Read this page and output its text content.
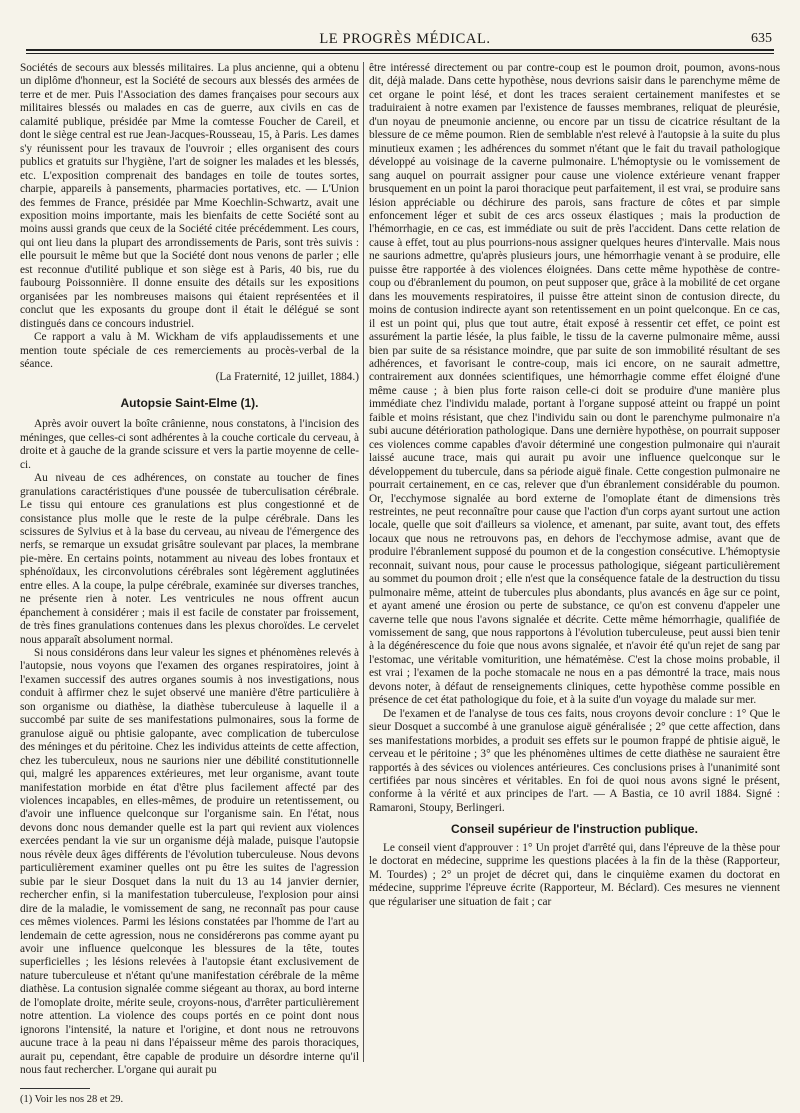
LE PROGRÈS MÉDICAL.	635

Sociétés de secours aux blessés militaires. La plus ancienne, qui a obtenu un diplôme d'honneur, est la Société de secours aux blessés des armées de terre et de mer. Puis l'Association des dames françaises pour secours aux militaires blessés ou malades en cas de guerre, aux civils en cas de calamité publique, présidée par Mme la comtesse Foucher de Careil, et dont le siège central est rue Jean-Jacques-Rousseau, 15, à Paris. Les dames s'y réunissent pour les travaux de l'ouvroir ; elles organisent des cours publics et gratuits sur l'hygiène, l'art de soigner les malades et les blessés, etc. L'exposition comprenait des bandages en toile de toutes sortes, charpie, appareils à pansements, pharmacies portatives, etc. — L'Union des femmes de France, présidée par Mme Koechlin-Schwartz, avait une exposition moins importante, mais les bienfaits de cette Société sont au moins aussi grands que ceux de la Société citée précédemment. Les cours, qui ont lieu dans la plupart des arrondissements de Paris, sont très suivis : elle poursuit le même but que la Société dont nous venons de parler ; elle est reconnue d'utilité publique et son siège est à Paris, 40 bis, rue du faubourg Poissonnière. Il donne ensuite des détails sur les expositions organisées par les nombreuses maisons qui étaient représentées et il conclut que les exposants du groupe dont il était le délégué se sont distingués dans ce concours industriel.

Ce rapport a valu à M. Wickham de vifs applaudissements et une mention toute spéciale de ces remerciements au procès-verbal de la séance.

(La Fraternité, 12 juillet, 1884.)

Autopsie Saint-Elme (1).

Après avoir ouvert la boîte crânienne, nous constatons, à l'incision des méninges, que celles-ci sont adhérentes à la couche corticale du cerveau, à droite et à gauche de la grande scissure et vers la partie moyenne de celle-ci.

Au niveau de ces adhérences, on constate au toucher de fines granulations caractéristiques d'une poussée de tuberculisation cérébrale. Le tissu qui entoure ces granulations est plus congestionné et de consistance plus molle que le reste de la pulpe cérébrale. Dans les scissures de Sylvius et à la base du cerveau, au niveau de l'émergence des nerfs, se remarque un exsudat grisâtre soulevant par places, la membrane pie-mère. En certains points, notamment au niveau des lobes frontaux et sphénoïdaux, les circonvolutions cérébrales sont légèrement agglutinées entre elles. A la coupe, la pulpe cérébrale, examinée sur diverses tranches, ne présente rien à noter. Les ventricules ne nous offrent aucun épanchement à considérer ; mais il est facile de constater par froissement, de très fines granulations contenues dans les plexus choroïdes. Le cervelet nous apparaît absolument normal.

Si nous considérons dans leur valeur les signes et phénomènes relevés à l'autopsie, nous voyons que l'examen des organes respiratoires, joint à l'examen successif des autres organes soumis à nos investigations, nous conduit à affirmer chez le sujet observé une manière d'être particulière à son organisme ou diathèse, la diathèse tuberculeuse à laquelle il a succombé par suite de ses manifestations pulmonaires, sous la forme de granulose aiguë ou phtisie galopante, avec complication de tuberculose des méninges et du péritoine. Chez les individus atteints de cette affection, chez les tuberculeux, nous ne saurions nier une débilité constitutionnelle qui, malgré les apparences extérieures, met leur organisme, avant toute manifestation morbide en état d'être plus facilement affecté par des violences incapables, en elles-mêmes, de produire un retentissement, ou d'avoir une influence quelconque sur l'organisme sain. En l'état, nous devons donc nous demander quelle est la part qui revient aux violences exercées pendant la vie sur un organisme déjà malade, puisque l'autopsie nous révèle deux âges différents de l'évolution tuberculeuse. Nous devons particulièrement examiner quelles ont pu être les suites de l'agression subie par le sieur Dosquet dans la nuit du 13 au 14 janvier dernier, rechercher enfin, si la manifestation tuberculeuse, l'explosion pour ainsi dire de la maladie, le vomissement de sang, ne reconnaît pas pour cause ces mêmes violences. Parmi les lésions constatées par l'homme de l'art au lendemain de cette agression, nous ne considérerons pas comme ayant pu avoir une influence quelconque les blessures de la tête, toutes superficielles ; les lésions relevées à l'autopsie étant exclusivement de nature tuberculeuse et n'étant qu'une manifestation cérébrale de la même diathèse. La contusion signalée comme siégeant au thorax, au bord interne de l'omoplate droite, mérite seule, croyons-nous, d'arrêter particulièrement notre attention. La violence des coups portés en ce point dont nous ignorons l'intensité, la nature et l'origine, et dont nous ne retrouvons aucune trace à la peau ni dans l'épaisseur même des parois thoraciques, aurait pu, cependant, être capable de produire un désordre interne qu'il nous faut rechercher. L'organe qui aurait pu

(1) Voir les nos 28 et 29.

être intéressé directement ou par contre-coup est le poumon droit, poumon, avons-nous dit, déjà malade. Dans cette hypothèse, nous devrions saisir dans le parenchyme même de cet organe le point lésé, et dont les traces seraient certainement manifestes et se traduiraient à notre examen par l'existence de fausses membranes, reliquat de pleurésie, d'un noyau de pneumonie ancienne, ou encore par un tissu de cicatrice résultant de la blessure de ce même poumon. Rien de semblable n'est relevé à l'autopsie à la suite du plus minutieux examen ; les adhérences du sommet n'étant que le fait du travail pathologique développé au voisinage de la caverne pulmonaire. L'hémoptysie ou le vomissement de sang auquel on pourrait assigner pour cause une violence extérieure venant frapper brusquement en un point la paroi thoracique peut parfaitement, il est vrai, se produire sans lésion appréciable ou déchirure des parois, sans fracture de côtes et par simple enfoncement léger et subit de ces arcs osseux élastiques ; mais la production de l'hémorrhagie, en ce cas, est immédiate ou suit de près l'accident. Dans cette relation de cause à effet, tout au plus pourrions-nous assigner quelques heures d'intervalle. Mais nous ne saurions admettre, qu'après plusieurs jours, une hémorrhagie venant à se produire, elle puisse être rapportée à des violences éloignées. Dans cette même hypothèse de contre-coup ou d'ébranlement du poumon, on peut supposer que, grâce à la mobilité de cet organe dans les mouvements respiratoires, il puisse être atteint sinon de contusion directe, du moins de contusion indirecte ayant son retentissement en un point quelconque. En ce cas, il est un point qui, plus que tout autre, était exposé à ressentir cet effet, ce point est assurément la partie lésée, la plus faible, le tissu de la caverne pulmonaire même, aussi bien par suite de sa résistance moindre, que par suite de son immobilité résultant de ses adhérences, et favorisant le contre-coup, mais ici encore, on ne saurait admettre, contrairement aux données scientifiques, une hémorrhagie comme effet éloigné d'une même cause ; à bien plus forte raison celle-ci doit se produire d'une manière plus immédiate chez l'individu malade, portant à l'organe supposé atteint ou frappé un point faible et moins résistant, que chez l'individu sain ou dont le parenchyme pulmonaire n'a subi aucune détérioration pathologique. Dans une dernière hypothèse, on pourrait supposer ces violences comme capables d'avoir déterminé une congestion pulmonaire qui n'aurait laissé aucune trace, mais qui aurait pu avoir une influence quelconque sur le développement du tubercule, dans sa période aiguë finale. Cette congestion pulmonaire ne pourrait certainement, en ce cas, relever que d'un ébranlement considérable du poumon. Or, l'ecchymose signalée au bord externe de l'omoplate étant de dimensions très restreintes, ne peut reconnaître pour cause que l'action d'un corps ayant surtout une action locale, quelle que soit d'ailleurs sa violence, et amenant, par suite, avant tout, des effets locaux que nous ne retrouvons pas, en dehors de l'ecchymose admise, avant que de produire l'ébranlement supposé du poumon et de la congestion consécutive. L'hémoptysie reconnait, suivant nous, pour cause le processus pathologique, siégeant particulièrement au sommet du poumon droit ; elle n'est que la conséquence fatale de la destruction du tissu pulmonaire même, atteint de tubercules plus abondants, plus avancés en âge sur ce point, et ayant amené une érosion ou perte de substance, ce qu'on est convenu d'appeler une caverne telle que nous l'avons signalée et décrite. Cette même hémorrhagie, qualifiée de vomissement de sang, que nous rapportons à l'évolution tuberculeuse, peut aussi bien tenir à la dégénérescence du foie que nous avons signalée, et n'avoir été qu'un rejet de sang par l'estomac, une véritable vomiturition, une hématémèse. C'est la chose moins probable, il est vrai ; l'examen de la poche stomacale ne nous en a pas démontré la trace, mais nous devons noter, à défaut de renseignements cliniques, cette hypothèse comme possible en présence de cet état pathologique du foie, et à la suite d'un voyage du malade sur mer.

De l'examen et de l'analyse de tous ces faits, nous croyons devoir conclure : 1° Que le sieur Dosquet a succombé à une granulose aiguë généralisée ; 2° que cette affection, dans ses manifestations morbides, a produit ses effets sur le poumon frappé de phtisie aiguë, le cerveau et le péritoine ; 3° que les phénomènes ultimes de cette diathèse ne sauraient être rapportés à des sévices ou violences antérieures. Ces conclusions prises à l'unanimité sont certifiées par nous sincères et véritables. En foi de quoi nous avons signé le présent, conforme à la vérité et aux principes de l'art. — A Bastia, ce 10 avril 1884. Signé : Ramaroni, Stoupy, Berlingeri.

Conseil supérieur de l'instruction publique.

Le conseil vient d'approuver : 1° Un projet d'arrêté qui, dans l'épreuve de la thèse pour le doctorat en médecine, supprime les questions placées à la fin de la thèse (Rapporteur, M. Tourdes) ; 2° un projet de décret qui, dans le cinquième examen du doctorat en médecine, supprime l'épreuve écrite (Rapporteur, M. Béclard). Ces mesures ne viennent que régulariser une situation de fait ; car
